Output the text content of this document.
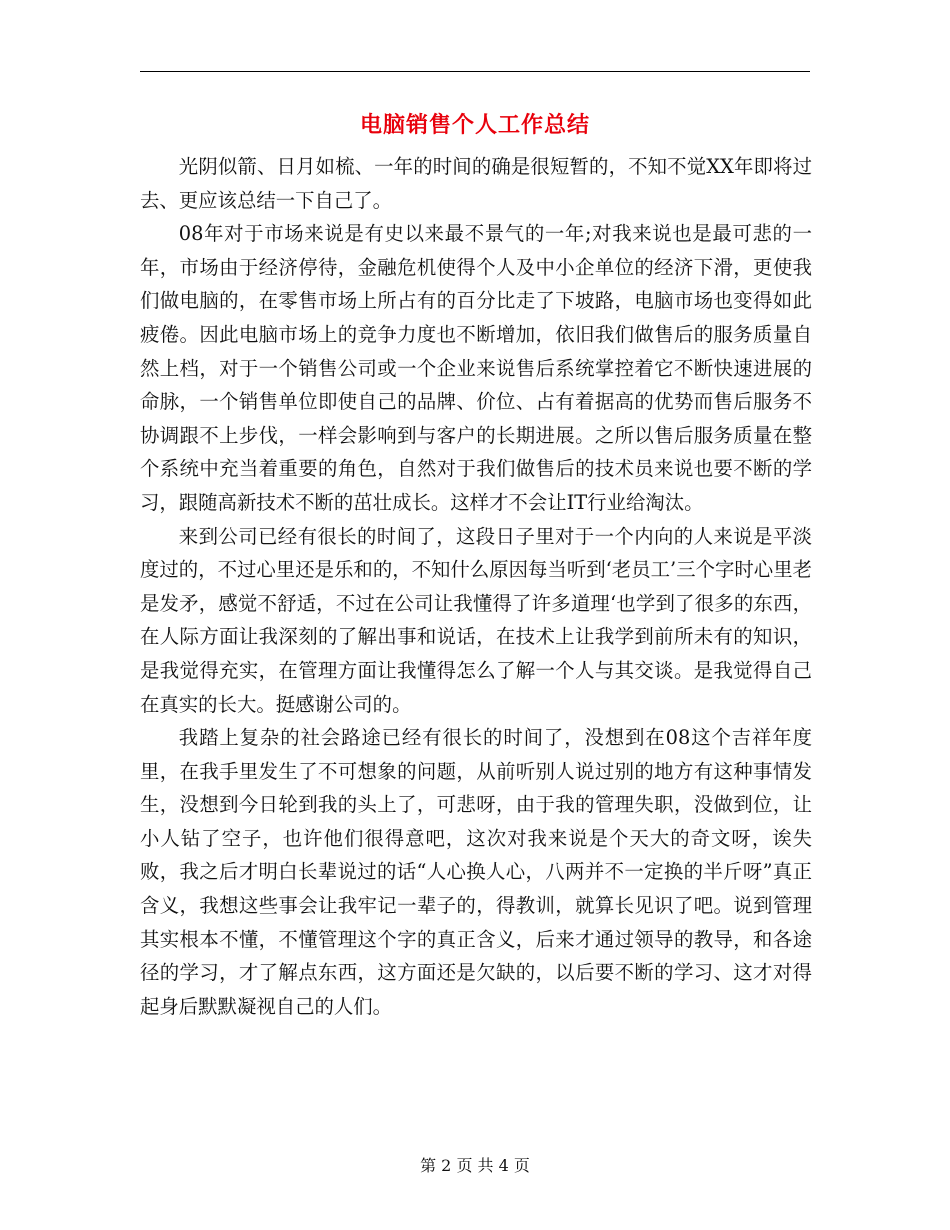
电脑销售个人工作总结

光阴似箭、日月如梳、一年的时间的确是很短暂的，不知不觉XX年即将过去、更应该总结一下自己了。

08年对于市场来说是有史以来最不景气的一年;对我来说也是最可悲的一年，市场由于经济停待，金融危机使得个人及中小企单位的经济下滑，更使我们做电脑的，在零售市场上所占有的百分比走了下坡路，电脑市场也变得如此疲倦。因此电脑市场上的竞争力度也不断增加，依旧我们做售后的服务质量自然上档，对于一个销售公司或一个企业来说售后系统掌控着它不断快速进展的命脉，一个销售单位即使自己的品牌、价位、占有着据高的优势而售后服务不协调跟不上步伐，一样会影响到与客户的长期进展。之所以售后服务质量在整个系统中充当着重要的角色，自然对于我们做售后的技术员来说也要不断的学习，跟随高新技术不断的茁壮成长。这样才不会让IT行业给淘汰。

来到公司已经有很长的时间了，这段日子里对于一个内向的人来说是平淡度过的，不过心里还是乐和的，不知什么原因每当听到‘老员工’三个字时心里老是发矛，感觉不舒适，不过在公司让我懂得了许多道理‘也学到了很多的东西，在人际方面让我深刻的了解出事和说话，在技术上让我学到前所未有的知识，是我觉得充实，在管理方面让我懂得怎么了解一个人与其交谈。是我觉得自己在真实的长大。挺感谢公司的。

我踏上复杂的社会路途已经有很长的时间了，没想到在08这个吉祥年度里，在我手里发生了不可想象的问题，从前听别人说过别的地方有这种事情发生，没想到今日轮到我的头上了，可悲呀，由于我的管理失职，没做到位，让小人钻了空子，也许他们很得意吧，这次对我来说是个天大的奇文呀，诶失败，我之后才明白长辈说过的话“人心换人心，八两并不一定换的半斤呀”真正含义，我想这些事会让我牢记一辈子的，得教训，就算长见识了吧。说到管理其实根本不懂，不懂管理这个字的真正含义，后来才通过领导的教导，和各途径的学习，才了解点东西，这方面还是欠缺的，以后要不断的学习、这才对得起身后默默凝视自己的人们。

第 2 页 共 4 页
